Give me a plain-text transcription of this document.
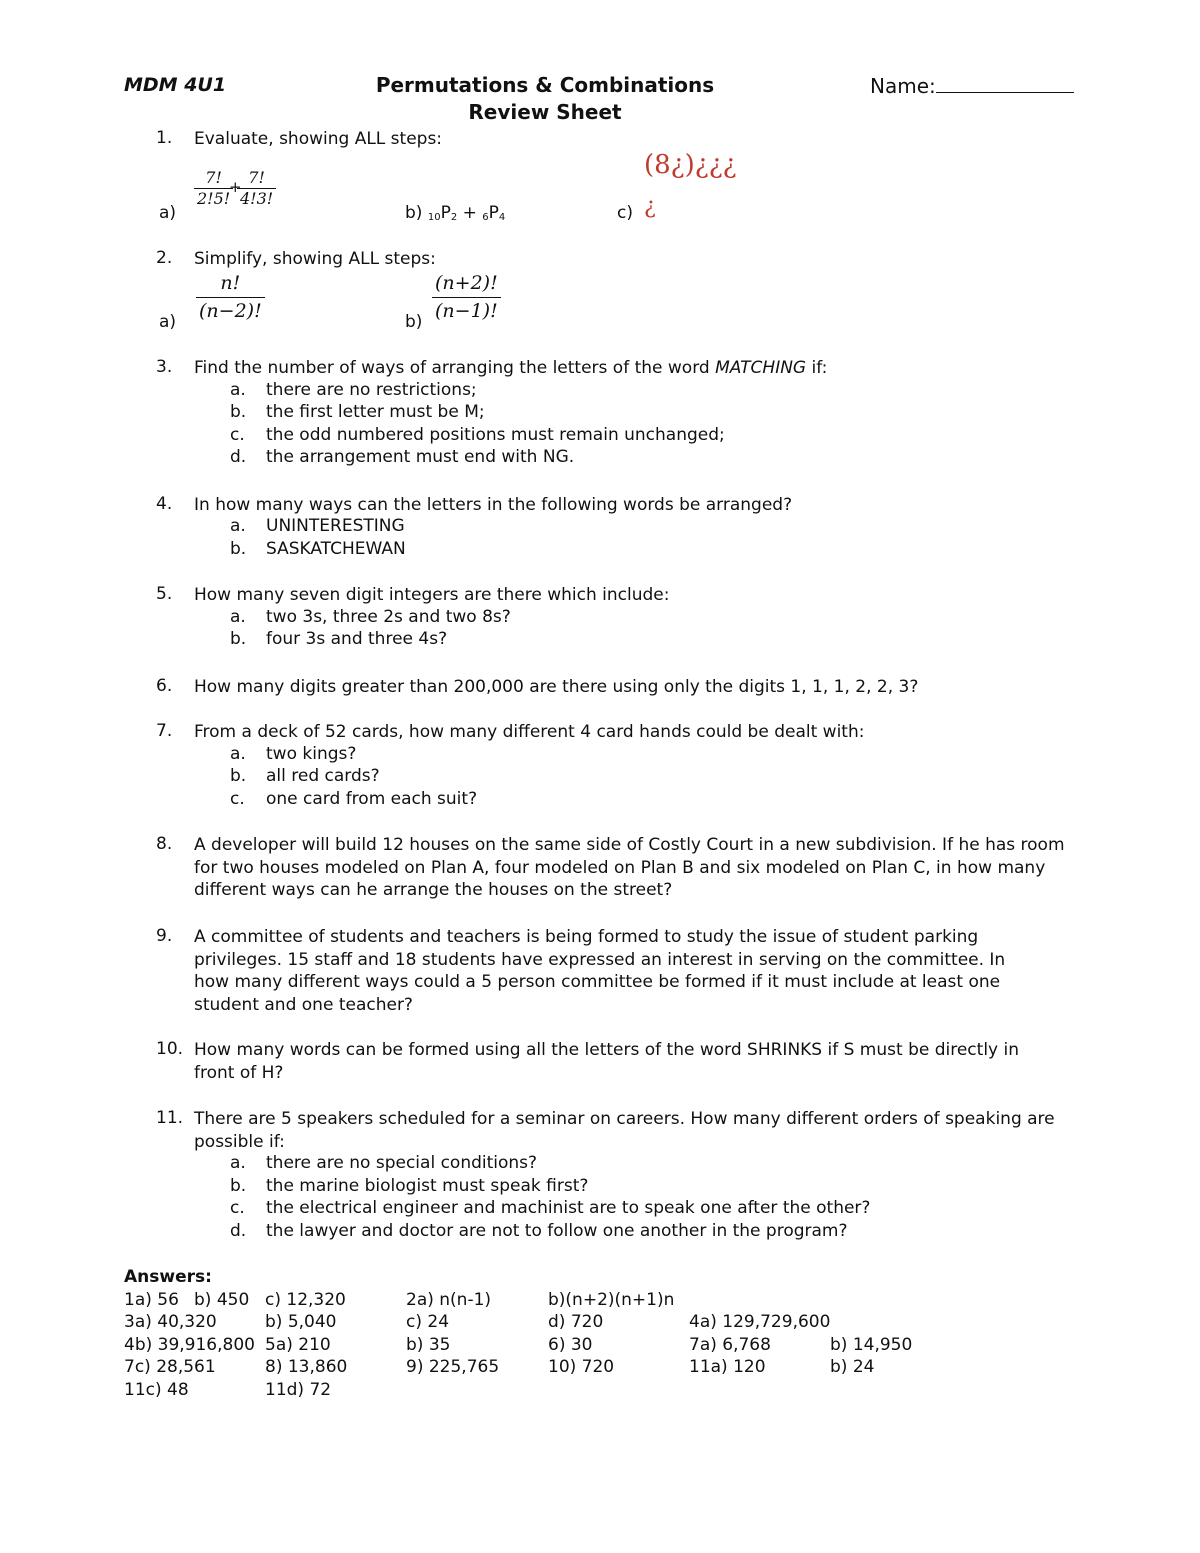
MDM 4U1	Permutations & Combinations
Review Sheet
Name:
1. Evaluate, showing ALL steps:
a)
$\frac{7!}{2!5!}$
+
$\frac{7!}{4!3!}$
b) $_{10}P_2 + _6P_4$	c)
(8¿)¿¿¿
¿
2. Simplify, showing ALL steps:
$a) \frac{n!}{(n-2)!}$	$b) \frac{(n+2)!}{(n-1)!}$
3. Find the number of ways of arranging the letters of the word MATCHING if:
a. there are no restrictions;
b. the first letter must be M;
c. the odd numbered positions must remain unchanged;
d. the arrangement must end with NG.
4. In how many ways can the letters in the following words be arranged?
a. UNINTERESTING
b. SASKATCHEWAN
5. How many seven digit integers are there which include:
a. two 3s, three 2s and two 8s?
b. four 3s and three 4s?
6. How many digits greater than 200,000 are there using only the digits 1, 1, 1, 2, 2, 3?
7. From a deck of 52 cards, how many different 4 card hands could be dealt with:
a. two kings?
b. all red cards?
c. one card from each suit?
8. A developer will build 12 houses on the same side of Costly Court in a new subdivision. If he has room for two houses modeled on Plan A, four modeled on Plan B and six modeled on Plan C, in how many different ways can he arrange the houses on the street?
9. A committee of students and teachers is being formed to study the issue of student parking privileges. 15 staff and 18 students have expressed an interest in serving on the committee. In how many different ways could a 5 person committee be formed if it must include at least one student and one teacher?
10. How many words can be formed using all the letters of the word SHRINKS if S must be directly in front of H?
11. There are 5 speakers scheduled for a seminar on careers. How many different orders of speaking are possible if:
a. there are no special conditions?
b. the marine biologist must speak first?
c. the electrical engineer and machinist are to speak one after the other?
d. the lawyer and doctor are not to follow one another in the program?
Answers:
1a) 56 b) 450 c) 12,320	2a) n(n-1)	b)(n+2)(n+1)n
3a) 40,320	b) 5,040	c) 24	d) 720	4a) 129,729,600
4b) 39,916,800 5a) 210	b) 35	6) 30	7a) 6,768	b) 14,950
7c) 28,561	8) 13,860	9) 225,765	10) 720	11a) 120	b) 24
11c) 48	11d) 72
